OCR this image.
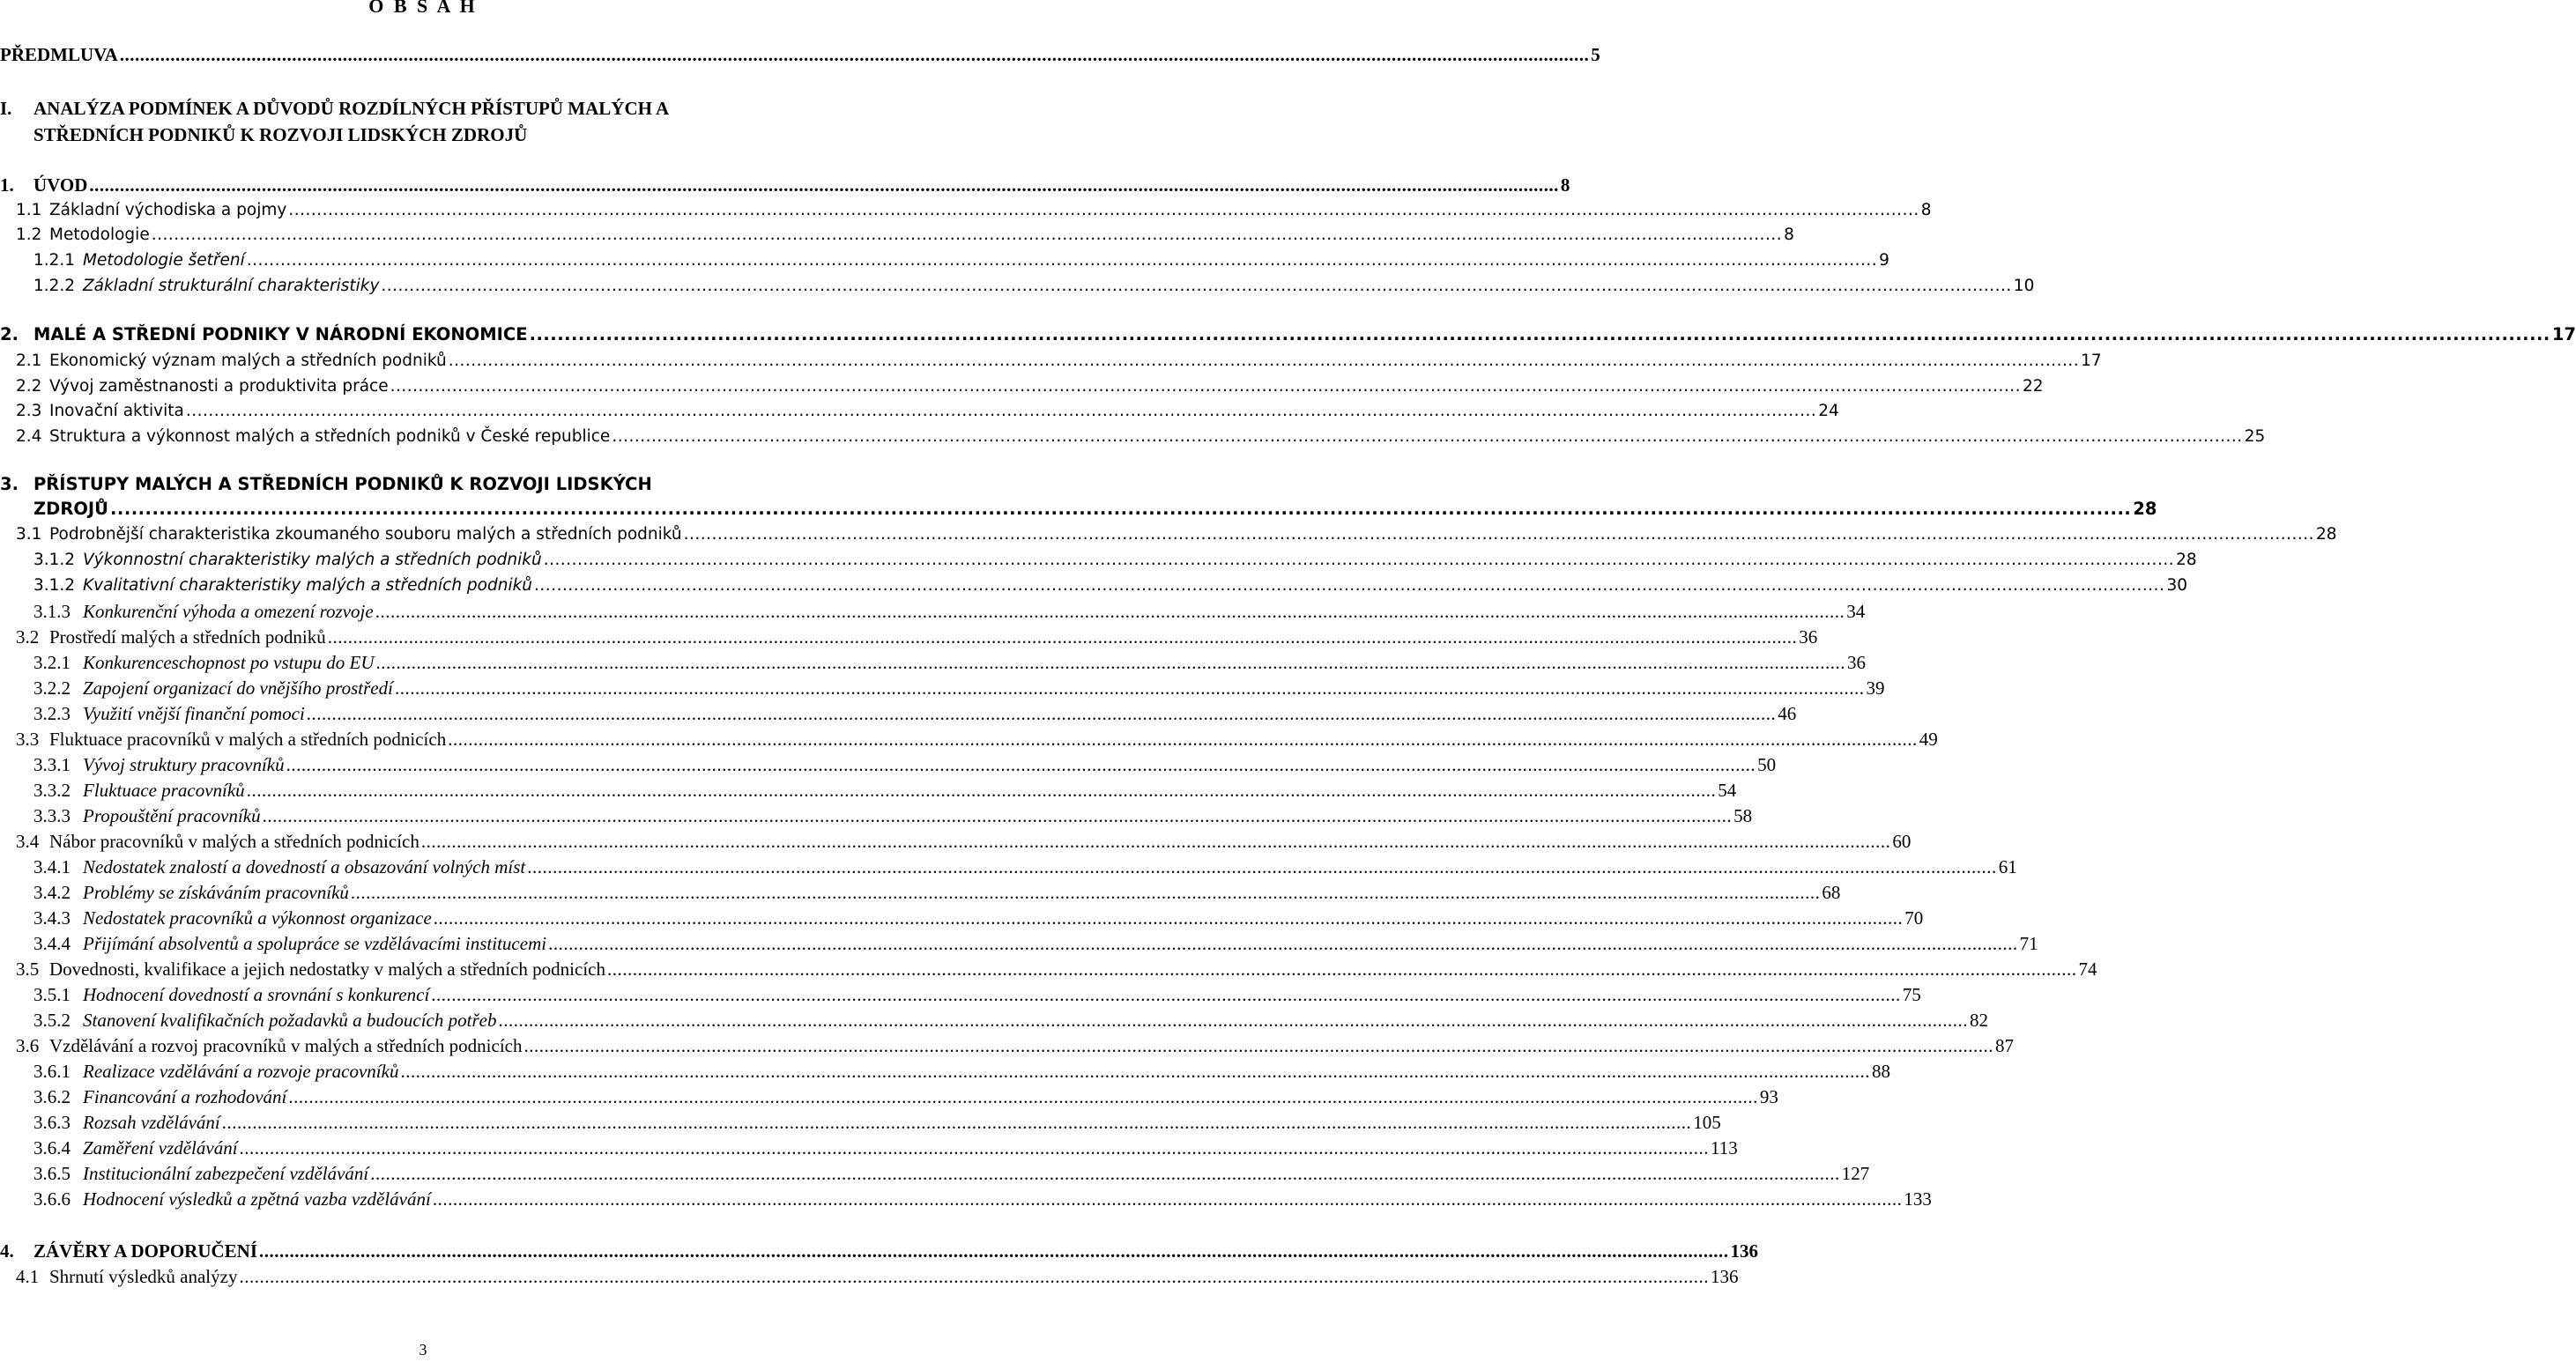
O B S A H
PŘEDMLUVA .....	5
I. ANALÝZA PODMÍNEK A DŮVODŮ ROZDÍLNÝCH PŘÍSTUPŮ MALÝCH A
STŘEDNÍCH PODNIKŮ K ROZVOJI LIDSKÝCH ZDROJŮ
1.	ÚVOD .....	8
1.1 Základní východiska a pojmy .....	8
1.2 Metodologie .....	8
1.2.1 Metodologie šetření .....	9
1.2.2 Základní strukturální charakteristiky .....	10
2. MALÉ A STŘEDNÍ PODNIKY V NÁRODNÍ EKONOMICE .....	17
2.1 Ekonomický význam malých a středních podniků .....	17
2.2 Vývoj zaměstnanosti a produktivita práce .....	22
2.3 Inovační aktivita .....	24
2.4 Struktura a výkonnost malých a středních podniků v České republice .....	25
3. PŘÍSTUPY MALÝCH A STŘEDNÍCH PODNIKŮ K ROZVOJI LIDSKÝCH
ZDROJŮ .....	28
3.1 Podrobnější charakteristika zkoumaného souboru malých a středních podniků .....	28
3.1.2 Výkonnostní charakteristiky malých a středních podniků .....	28
3.1.2 Kvalitativní charakteristiky malých a středních podniků .....	30
3.1.3 Konkurenční výhoda a omezení rozvoje .....	34
3.2 Prostředí malých a středních podniků .....	36
3.2.1 Konkurenceschopnost po vstupu do EU .....	36
3.2.2 Zapojení organizací do vnějšího prostředí .....	39
3.2.3 Využití vnější finanční pomoci .....	46
3.3 Fluktuace pracovníků v malých a středních podnicích .....	49
3.3.1 Vývoj struktury pracovníků .....	50
3.3.2 Fluktuace pracovníků .....	54
3.3.3 Propouštění pracovníků .....	58
3.4 Nábor pracovníků v malých a středních podnicích .....	60
3.4.1 Nedostatek znalostí a dovedností a obsazování volných míst .....	61
3.4.2 Problémy se získáváním pracovníků .....	68
3.4.3 Nedostatek pracovníků a výkonnost organizace .....	70
3.4.4 Přijímání absolventů a spolupráce se vzdělávacími institucemi .....	71
3.5 Dovednosti, kvalifikace a jejich nedostatky v malých a středních podnicích .....	74
3.5.1 Hodnocení dovedností a srovnání s konkurencí .....	75
3.5.2 Stanovení kvalifikačních požadavků a budoucích potřeb .....	82
3.6 Vzdělávání a rozvoj pracovníků v malých a středních podnicích .....	87
3.6.1 Realizace vzdělávání a rozvoje pracovníků .....	88
3.6.2 Financování a rozhodování .....	93
3.6.3 Rozsah vzdělávání .....	105
3.6.4 Zaměření vzdělávání .....	113
3.6.5 Institucionální zabezpečení vzdělávání .....	127
3.6.6 Hodnocení výsledků a zpětná vazba vzdělávání .....	133
4.	ZÁVĚRY A DOPORUČENÍ .....	136
4.1 Shrnutí výsledků analýzy .....	136
3
